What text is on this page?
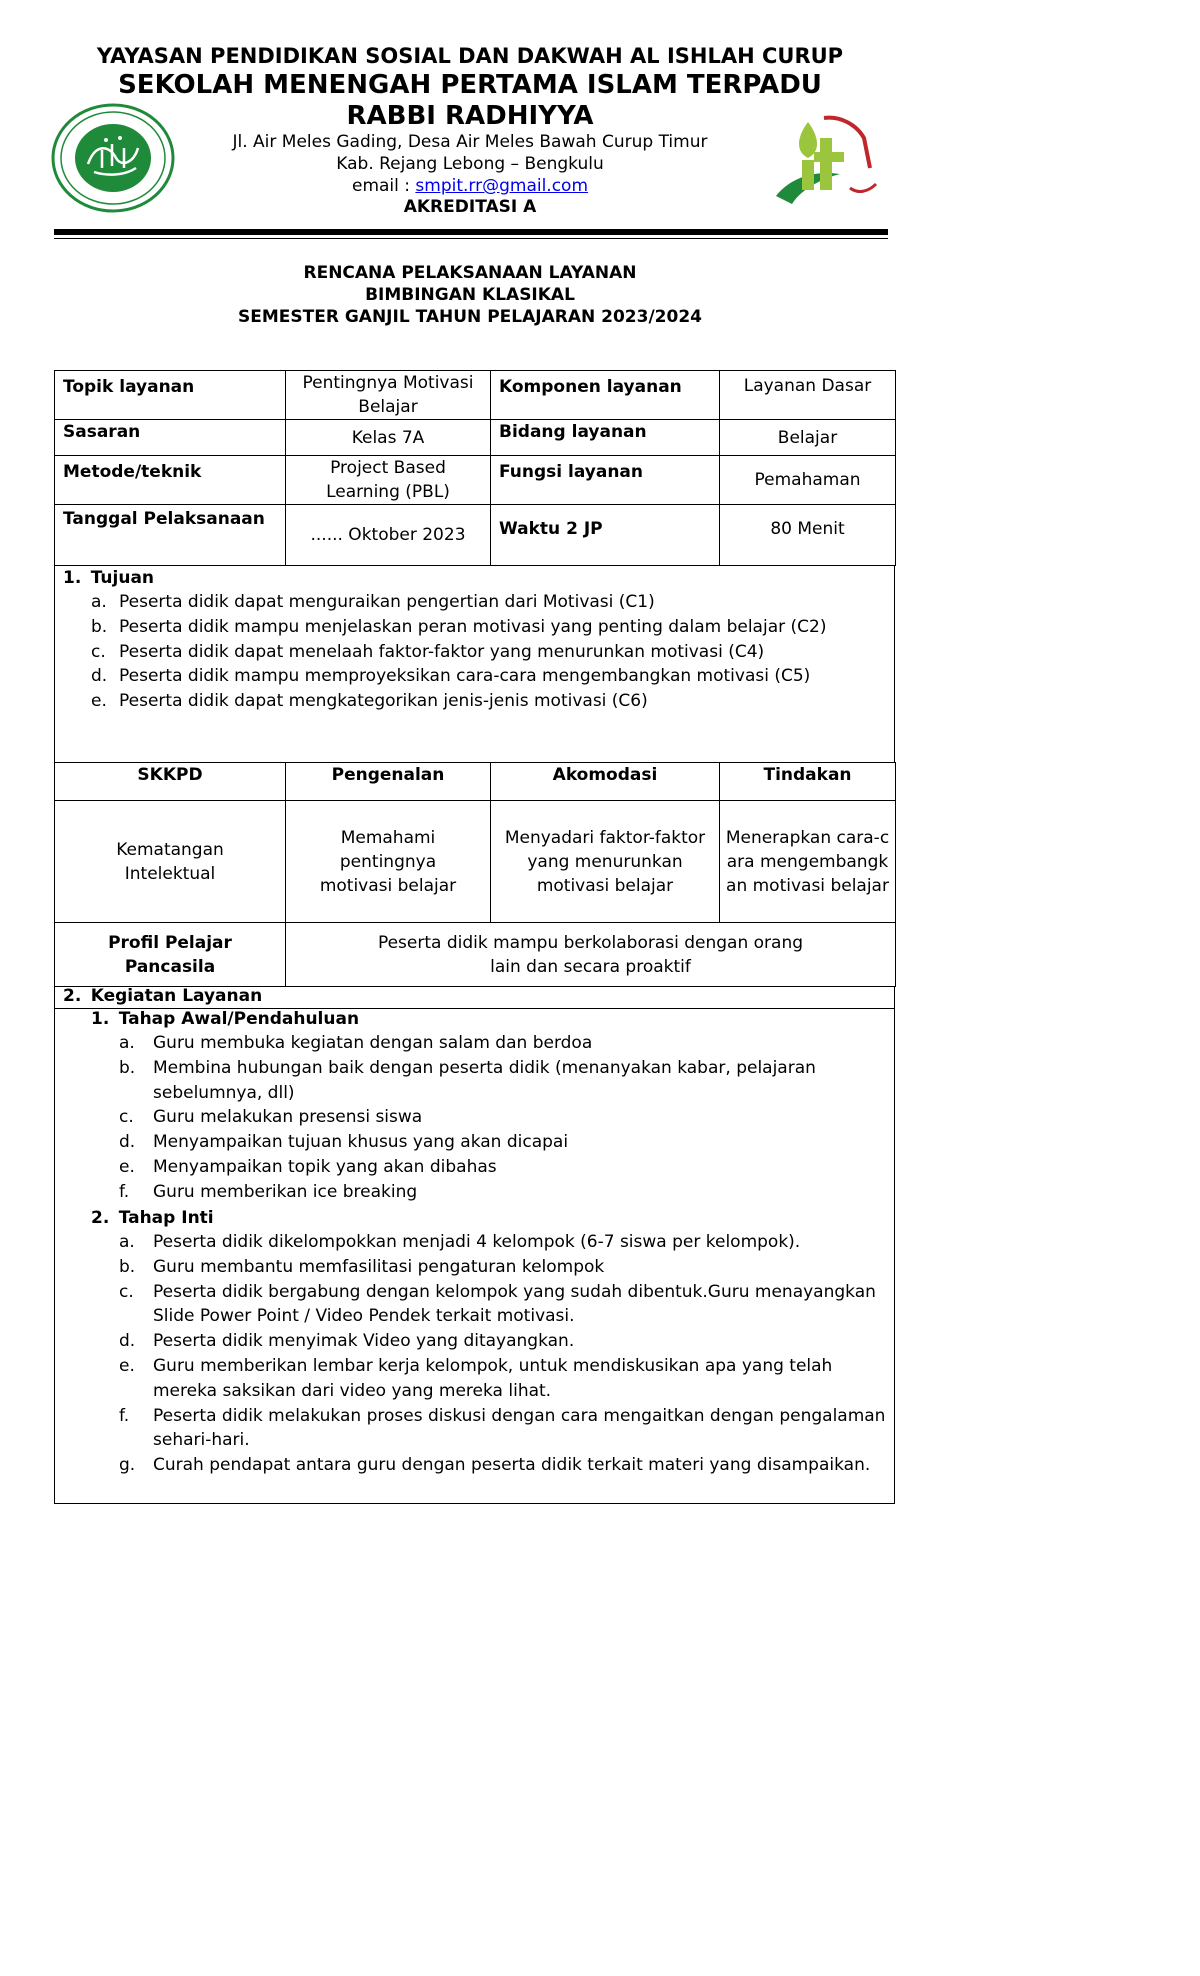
YAYASAN PENDIDIKAN SOSIAL DAN DAKWAH AL ISHLAH CURUP
SEKOLAH MENENGAH PERTAMA ISLAM TERPADU
RABBI RADHIYYA
Jl. Air Meles Gading, Desa Air Meles Bawah Curup Timur
Kab. Rejang Lebong – Bengkulu
email : smpit.rr@gmail.com
AKREDITASI A
RENCANA PELAKSANAAN LAYANAN
BIMBINGAN KLASIKAL
SEMESTER GANJIL TAHUN PELAJARAN 2023/2024
Topik layanan	Pentingnya Motivasi Belajar	Komponen layanan	Layanan Dasar
Sasaran	Kelas 7A	Bidang layanan	Belajar
Metode/teknik	Project Based Learning (PBL)	Fungsi layanan	Pemahaman
Tanggal Pelaksanaan	...... Oktober 2023	Waktu 2 JP	80 Menit
1. Tujuan
a. Peserta didik dapat menguraikan pengertian dari Motivasi (C1)
b. Peserta didik mampu menjelaskan peran motivasi yang penting dalam belajar (C2)
c. Peserta didik dapat menelaah faktor-faktor yang menurunkan motivasi (C4)
d. Peserta didik mampu memproyeksikan cara-cara mengembangkan motivasi (C5)
e. Peserta didik dapat mengkategorikan jenis-jenis motivasi (C6)
SKKPD	Pengenalan	Akomodasi	Tindakan
Kematangan Intelektual	Memahami pentingnya motivasi belajar	Menyadari faktor-faktor yang menurunkan motivasi belajar	Menerapkan cara-cara mengembangkan motivasi belajar
Profil Pelajar Pancasila	Peserta didik mampu berkolaborasi dengan orang lain dan secara proaktif		
2. Kegiatan Layanan
1. Tahap Awal/Pendahuluan
a. Guru membuka kegiatan dengan salam dan berdoa
b. Membina hubungan baik dengan peserta didik (menanyakan kabar, pelajaran sebelumnya, dll)
c. Guru melakukan presensi siswa
d. Menyampaikan tujuan khusus yang akan dicapai
e. Menyampaikan topik yang akan dibahas
f. Guru memberikan ice breaking
2. Tahap Inti
a. Peserta didik dikelompokkan menjadi 4 kelompok (6-7 siswa per kelompok).
b. Guru membantu memfasilitasi pengaturan kelompok
c. Peserta didik bergabung dengan kelompok yang sudah dibentuk.Guru menayangkan Slide Power Point / Video Pendek terkait motivasi.
d. Peserta didik menyimak Video yang ditayangkan.
e. Guru memberikan lembar kerja kelompok, untuk mendiskusikan apa yang telah mereka saksikan dari video yang mereka lihat.
f. Peserta didik melakukan proses diskusi dengan cara mengaitkan dengan pengalaman sehari-hari.
g. Curah pendapat antara guru dengan peserta didik terkait materi yang disampaikan.
